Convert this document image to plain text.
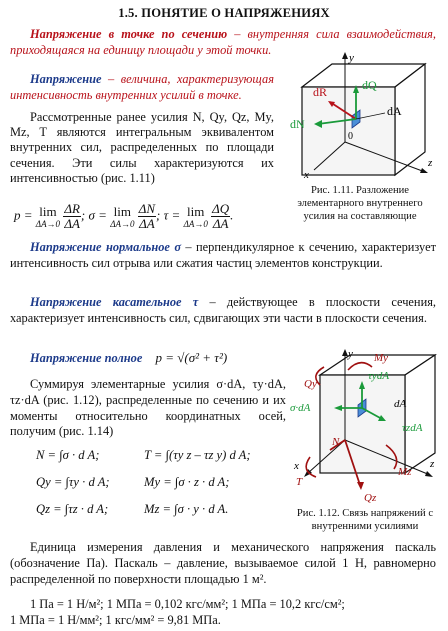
1.5. ПОНЯТИЕ О НАПРЯЖЕНИЯХ
Напряжение в точке по сечению – внутренняя сила взаимодействия, приходящаяся на единицу площади у этой точки.
Напряжение – величина, характеризующая интенсивность внутренних усилий в точке.
Рассмотренные ранее усилия N, Qy, Qz, My, Mz, T являются интегральным эквивалентом внутренних сил, распределенных по площади сечения. Эти силы характеризуются их интенсивностью (рис. 1.11)
p = lim
ΔA→0
$\frac{\Delta R}{\Delta A}$ ; σ = lim
ΔA→0
$\frac{\Delta N}{\Delta A}$ ; τ = lim
ΔA→0
$\frac{\Delta Q}{\Delta A}$ .
y
x
z
dR	dQ
dN
dA
0
Рис. 1.11. Разложение элементарного внутреннего усилия на составляющие
Напряжение нормальное σ – перпендикулярное к сечению, характеризует интенсивность сил отрыва или сжатия частиц элементов конструкции.
Напряжение касательное τ – действующее в плоскости сечения, характеризует интенсивность сил, сдвигающих эти части в плоскости сечения.
Напряжение полное p = √(σ² + τ²)
Суммируя элементарные усилия σ·dA, τy·dA, τz·dA (рис. 1.12), распределенные по сечению и их моменты относительно координатных осей, получим (рис. 1.14)
N = ∫σ · d A;	T = ∫(τy z – τz y) d A;
Qy = ∫τy · d A;	My = ∫σ · z · d A;
Qz = ∫τz · d A;	Mz = ∫σ · y · d A.
y
x	z
Qy
My
τydA
σ·dA	dA
τzdA
N
T
Mz
Qz
Рис. 1.12. Связь напряжений с внутренними усилиями
Единица измерения давления и механического напряжения паскаль (обозначение Па). Паскаль – давление, вызываемое силой 1 Н, равномерно распределенной по поверхности площадью 1 м².
1 Па = 1 Н/м²; 1 МПа = 0,102 кгс/мм²; 1 МПа = 10,2 кгс/см²;
1 МПа = 1 Н/мм²; 1 кгс/мм² = 9,81 МПа.
